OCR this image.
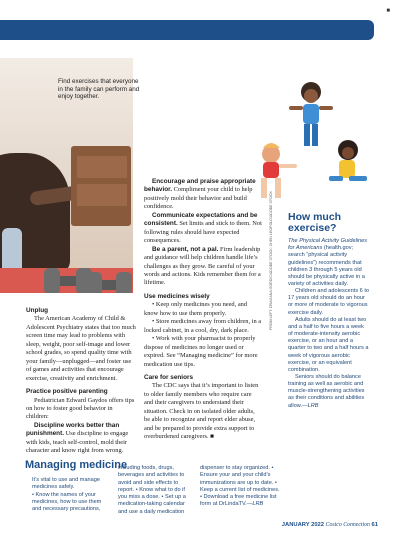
■
Find exercises that everyone in the family can perform and enjoy together.

Unplug

The American Academy of Child & Adolescent Psychiatry states that too much screen time may lead to problems with sleep, weight, poor self-image and lower school grades, so spend quality time with your family—unplugged—and foster use of games and activities that encourage exercise, creativity and enrichment.

Practice positive parenting

Pediatrician Edward Gaydos offers tips on how to foster good behavior in children:

Discipline works better than punishment. Use discipline to engage with kids, teach self-control, mold their character and know right from wrong.

Encourage and praise appropriate behavior. Compliment your child to help positively mold their behavior and build confidence.

Communicate expectations and be consistent. Set limits and stick to them. Not following rules should have expected consequences.

Be a parent, not a pal. Firm leadership and guidance will help children handle life’s challenges as they grow. Be careful of your words and actions. Kids remember them for a lifetime.

Use medicines wisely

• Keep only medicines you need, and know how to use them properly.

• Store medicines away from children, in a locked cabinet, in a cool, dry, dark place.

• Work with your pharmacist to properly dispose of medicines no longer used or expired. See “Managing medicine” for more medication use tips.

Care for seniors

The CDC says that it’s important to listen to older family members who require care and their caregivers to understand their situation. Check in on isolated older adults, be able to recognize and report elder abuse, and be prepared to provide extra support to overburdened caregivers. ■

FROM LEFT: DRAGANA GORDIC/ADOBE STOCK; CHEN LEOPOLD/ADOBE STOCK	How much exercise?

The Physical Activity Guidelines for Americans (health.gov; search “physical activity guidelines”) recommends that children 3 through 5 years old should be physically active in a variety of activities daily.

Children and adolescents 6 to 17 years old should do an hour or more of moderate to vigorous exercise daily.

Adults should do at least two and a half to five hours a week of moderate-intensity aerobic exercise, or an hour and a quarter to two and a half hours a week of vigorous aerobic exercise, or an equivalent combination.

Seniors should do balance training as well as aerobic and muscle-strengthening activities as their conditions and abilities allow.—LRB

Managing medicine
It’s vital to use and manage medicines safely.
• Know the names of your medicines, how to use them and necessary precautions,
including foods, drugs, beverages and activities to avoid and side effects to report. • Know what to do if you miss a dose. • Set up a medication-taking calendar and use a daily medication
dispenser to stay organized. • Ensure your and your child’s immunizations are up to date. • Keep a current list of medicines. • Download a free medicine list form at DrLindaTV.—LRB
JANUARY 2022 Costco Connection 61
